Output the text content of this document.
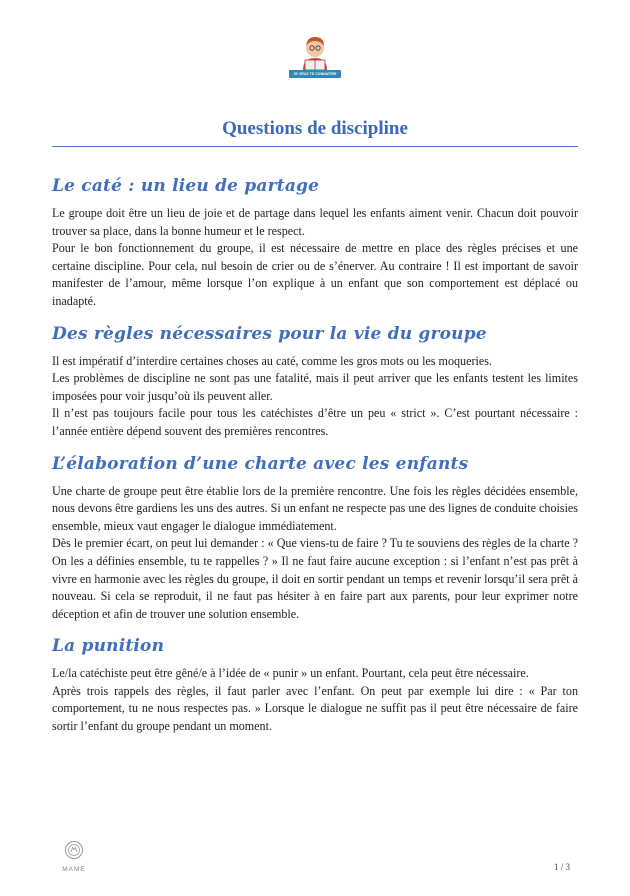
JE VEUX TE CONNAÎTRE
Questions de discipline
Le caté : un lieu de partage

Le groupe doit être un lieu de joie et de partage dans lequel les enfants aiment venir. Chacun doit pouvoir trouver sa place, dans la bonne humeur et le respect.

Pour le bon fonctionnement du groupe, il est nécessaire de mettre en place des règles précises et une certaine discipline. Pour cela, nul besoin de crier ou de s’énerver. Au contraire ! Il est important de savoir manifester de l’amour, même lorsque l’on explique à un enfant que son comportement est déplacé ou inadapté.

Des règles nécessaires pour la vie du groupe

Il est impératif d’interdire certaines choses au caté, comme les gros mots ou les moqueries.

Les problèmes de discipline ne sont pas une fatalité, mais il peut arriver que les enfants testent les limites imposées pour voir jusqu’où ils peuvent aller.

Il n’est pas toujours facile pour tous les catéchistes d’être un peu « strict ». C’est pourtant nécessaire : l’année entière dépend souvent des premières rencontres.

L’élaboration d’une charte avec les enfants

Une charte de groupe peut être établie lors de la première rencontre. Une fois les règles décidées ensemble, nous devons être gardiens les uns des autres. Si un enfant ne respecte pas une des lignes de conduite choisies ensemble, mieux vaut engager le dialogue immédiatement.

Dès le premier écart, on peut lui demander : « Que viens-tu de faire ? Tu te souviens des règles de la charte ? On les a définies ensemble, tu te rappelles ? » Il ne faut faire aucune exception : si l’enfant n’est pas prêt à vivre en harmonie avec les règles du groupe, il doit en sortir pendant un temps et revenir lorsqu’il sera prêt à nouveau. Si cela se reproduit, il ne faut pas hésiter à en faire part aux parents, pour leur exprimer notre déception et afin de trouver une solution ensemble.

La punition

Le/la catéchiste peut être gêné/e à l’idée de « punir » un enfant. Pourtant, cela peut être nécessaire.

Après trois rappels des règles, il faut parler avec l’enfant. On peut par exemple lui dire : « Par ton comportement, tu ne nous respectes pas. » Lorsque le dialogue ne suffit pas il peut être nécessaire de faire sortir l’enfant du groupe pendant un moment.

MAME	1 / 3
